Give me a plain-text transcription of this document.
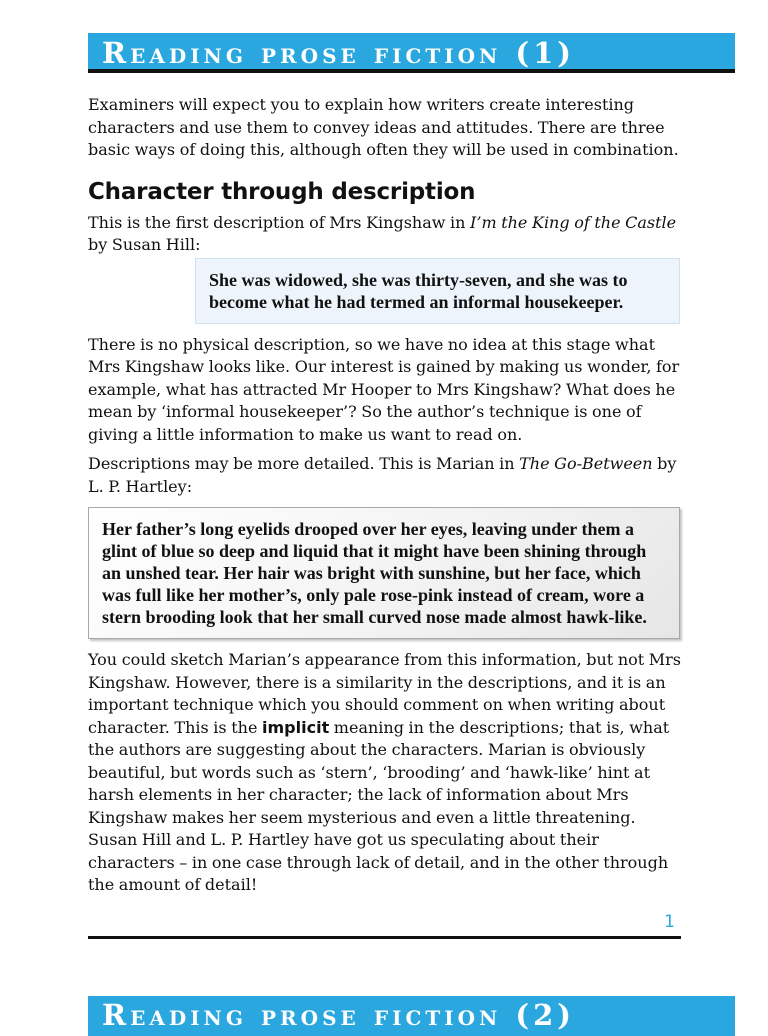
Reading prose fiction (1)

Examiners will expect you to explain how writers create interesting characters and use them to convey ideas and attitudes. There are three basic ways of doing this, although often they will be used in combination.

Character through description

This is the first description of Mrs Kingshaw in I’m the King of the Castle by Susan Hill:

She was widowed, she was thirty-seven, and she was to become what he had termed an informal housekeeper.

There is no physical description, so we have no idea at this stage what Mrs Kingshaw looks like. Our interest is gained by making us wonder, for example, what has attracted Mr Hooper to Mrs Kingshaw? What does he mean by ‘informal housekeeper’? So the author’s technique is one of giving a little information to make us want to read on.

Descriptions may be more detailed. This is Marian in The Go-Between by L. P. Hartley:

Her father’s long eyelids drooped over her eyes, leaving under them a glint of blue so deep and liquid that it might have been shining through an unshed tear. Her hair was bright with sunshine, but her face, which was full like her mother’s, only pale rose-pink instead of cream, wore a stern brooding look that her small curved nose made almost hawk-like.

You could sketch Marian’s appearance from this information, but not Mrs Kingshaw. However, there is a similarity in the descriptions, and it is an important technique which you should comment on when writing about character. This is the implicit meaning in the descriptions; that is, what the authors are suggesting about the characters. Marian is obviously beautiful, but words such as ‘stern’, ‘brooding’ and ‘hawk-like’ hint at harsh elements in her character; the lack of information about Mrs Kingshaw makes her seem mysterious and even a little threatening. Susan Hill and L. P. Hartley have got us speculating about their characters – in one case through lack of detail, and in the other through the amount of detail!

1
Reading prose fiction (2)
